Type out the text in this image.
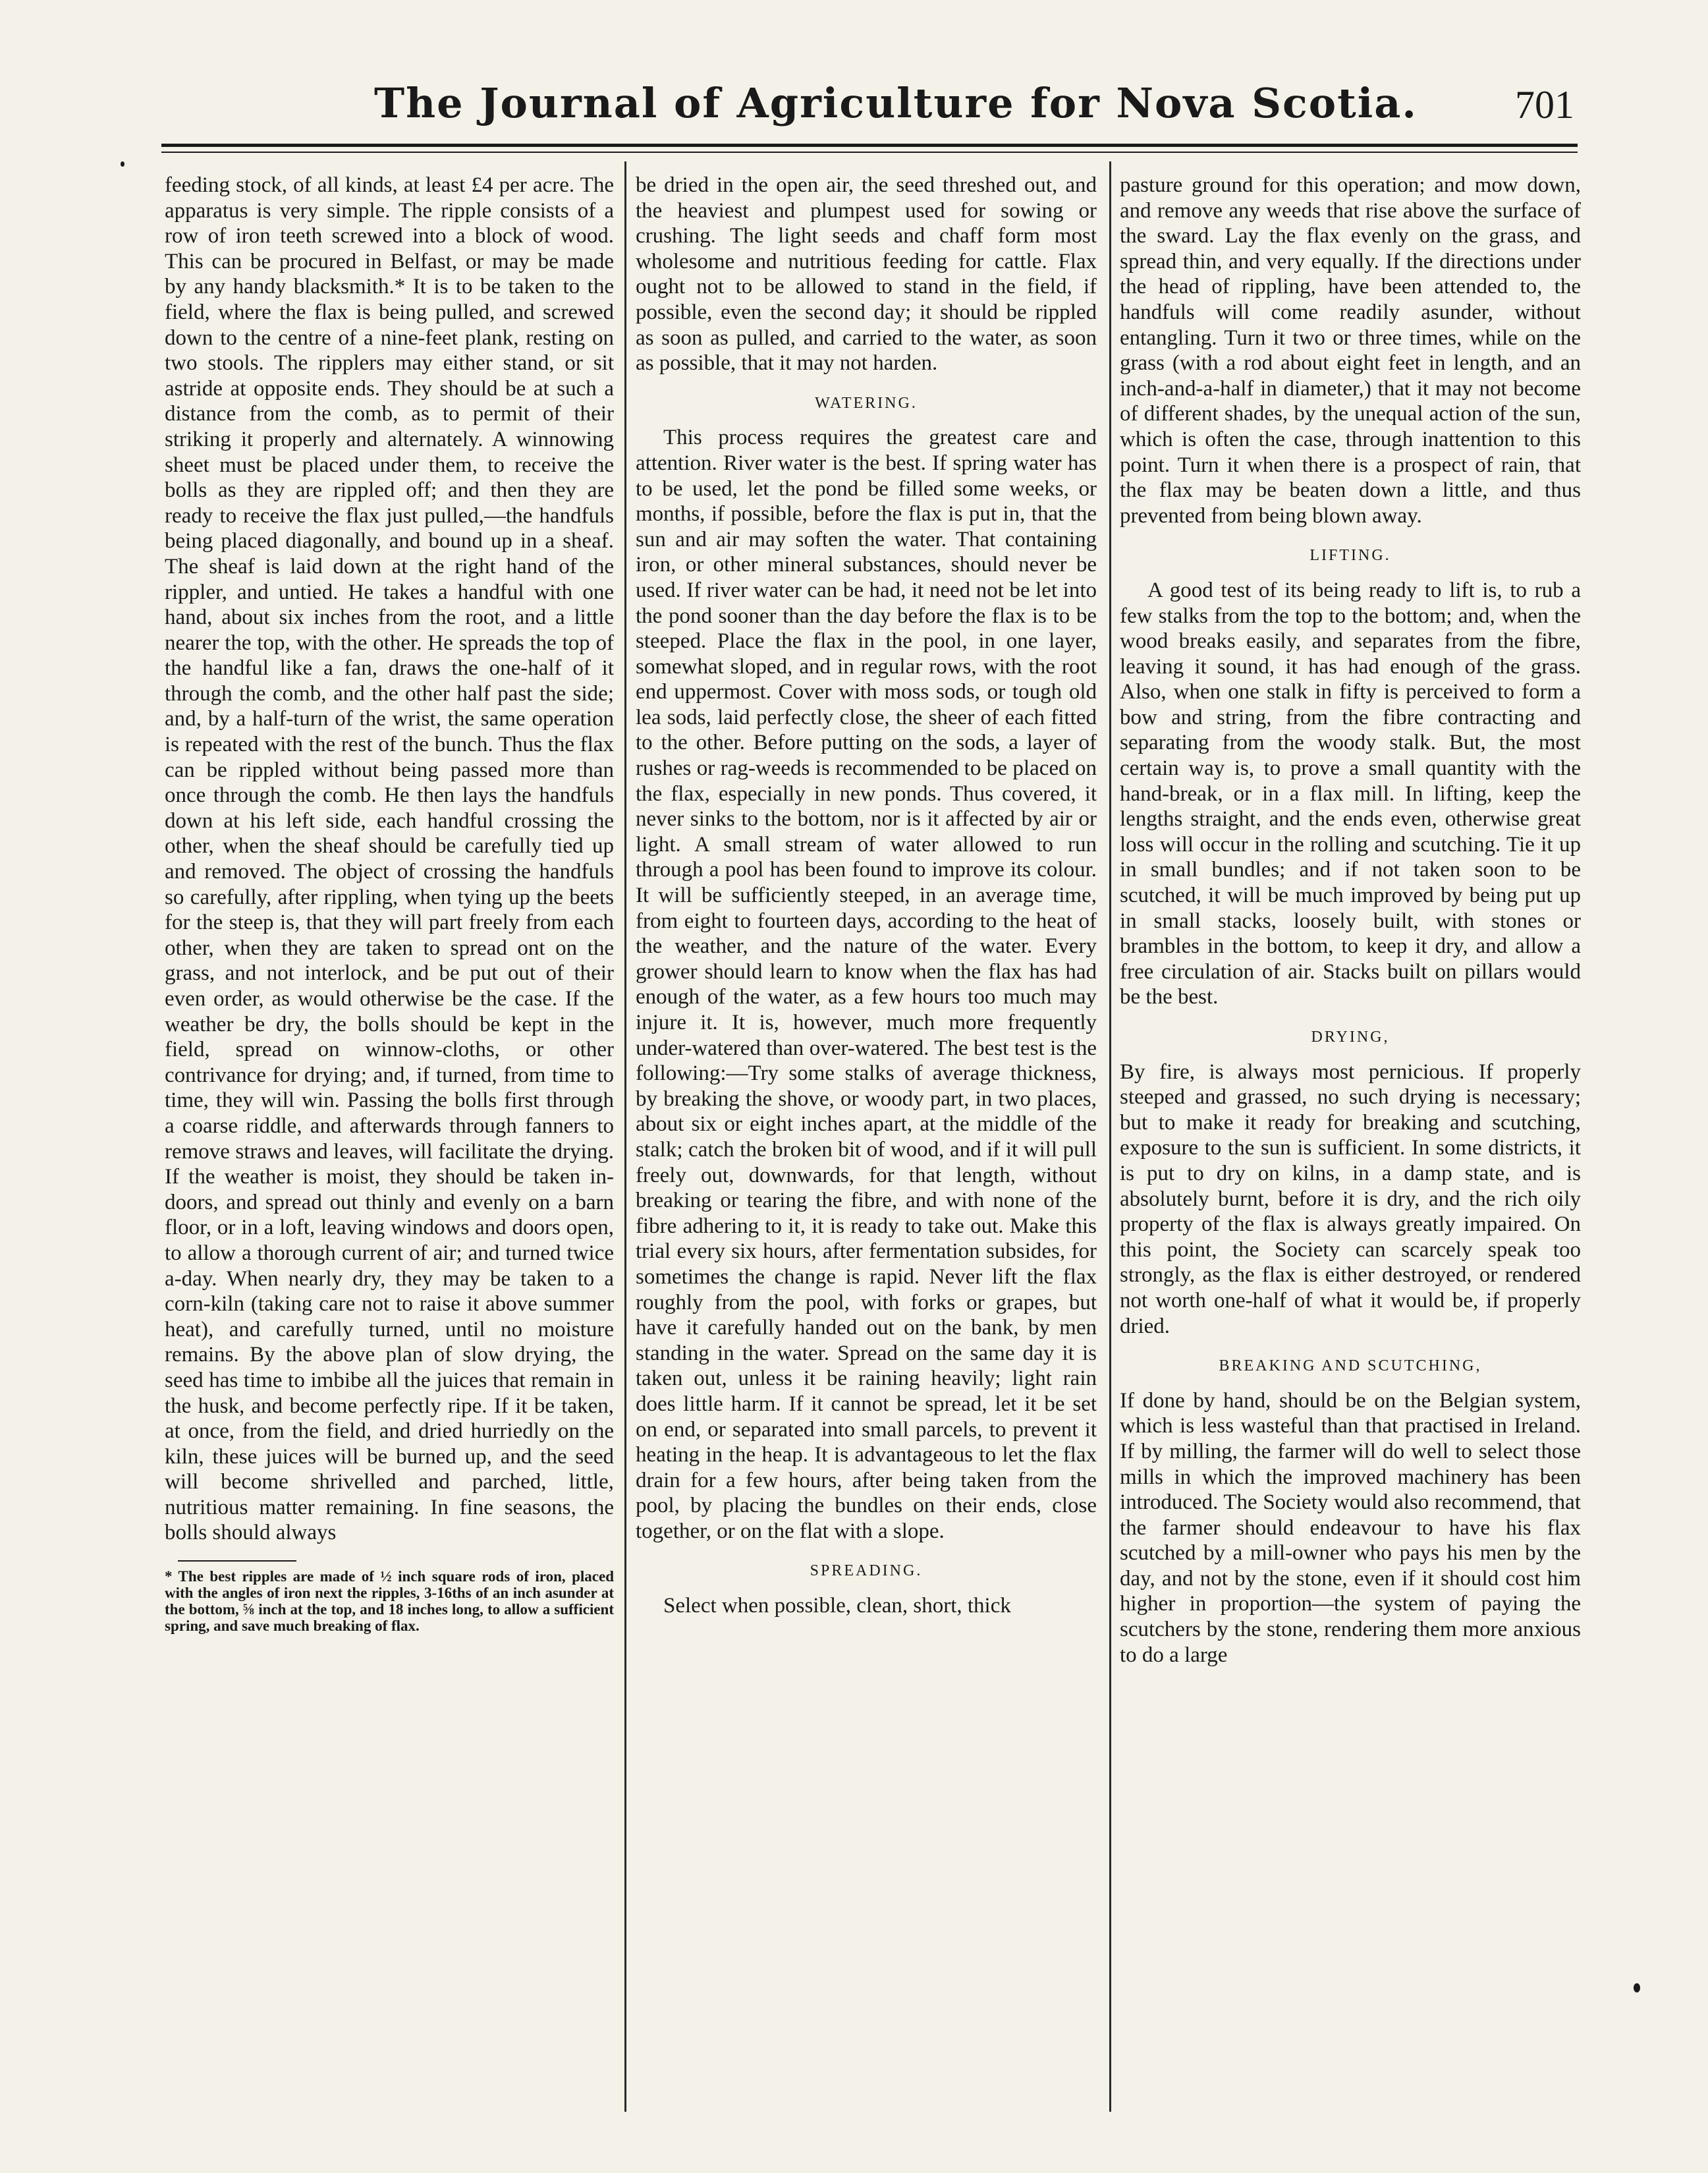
The Journal of Agriculture for Nova Scotia. 701

feeding stock, of all kinds, at least £4 per acre. The apparatus is very simple. The ripple consists of a row of iron teeth screwed into a block of wood. This can be procured in Belfast, or may be made by any handy blacksmith.* It is to be taken to the field, where the flax is being pulled, and screwed down to the centre of a nine-feet plank, resting on two stools. The ripplers may either stand, or sit astride at opposite ends. They should be at such a distance from the comb, as to permit of their striking it properly and alternately. A winnowing sheet must be placed under them, to receive the bolls as they are rippled off; and then they are ready to receive the flax just pulled,—the handfuls being placed diagonally, and bound up in a sheaf. The sheaf is laid down at the right hand of the rippler, and untied. He takes a handful with one hand, about six inches from the root, and a little nearer the top, with the other. He spreads the top of the handful like a fan, draws the one-half of it through the comb, and the other half past the side; and, by a half-turn of the wrist, the same operation is repeated with the rest of the bunch. Thus the flax can be rippled without being passed more than once through the comb. He then lays the handfuls down at his left side, each handful crossing the other, when the sheaf should be carefully tied up and removed. The object of crossing the handfuls so carefully, after rippling, when tying up the beets for the steep is, that they will part freely from each other, when they are taken to spread ont on the grass, and not interlock, and be put out of their even order, as would otherwise be the case. If the weather be dry, the bolls should be kept in the field, spread on winnow-cloths, or other contrivance for drying; and, if turned, from time to time, they will win. Passing the bolls first through a coarse riddle, and afterwards through fanners to remove straws and leaves, will facilitate the drying. If the weather is moist, they should be taken in-doors, and spread out thinly and evenly on a barn floor, or in a loft, leaving windows and doors open, to allow a thorough current of air; and turned twice a-day. When nearly dry, they may be taken to a corn-kiln (taking care not to raise it above summer heat), and carefully turned, until no moisture remains. By the above plan of slow drying, the seed has time to imbibe all the juices that remain in the husk, and become perfectly ripe. If it be taken, at once, from the field, and dried hurriedly on the kiln, these juices will be burned up, and the seed will become shrivelled and parched, little, nutritious matter remaining. In fine seasons, the bolls should always

* The best ripples are made of ½ inch square rods of iron, placed with the angles of iron next the ripples, 3-16ths of an inch asunder at the bottom, ⅝ inch at the top, and 18 inches long, to allow a sufficient spring, and save much breaking of flax.

be dried in the open air, the seed threshed out, and the heaviest and plumpest used for sowing or crushing. The light seeds and chaff form most wholesome and nutritious feeding for cattle. Flax ought not to be allowed to stand in the field, if possible, even the second day; it should be rippled as soon as pulled, and carried to the water, as soon as possible, that it may not harden.

WATERING.

This process requires the greatest care and attention. River water is the best. If spring water has to be used, let the pond be filled some weeks, or months, if possible, before the flax is put in, that the sun and air may soften the water. That containing iron, or other mineral substances, should never be used. If river water can be had, it need not be let into the pond sooner than the day before the flax is to be steeped. Place the flax in the pool, in one layer, somewhat sloped, and in regular rows, with the root end uppermost. Cover with moss sods, or tough old lea sods, laid perfectly close, the sheer of each fitted to the other. Before putting on the sods, a layer of rushes or rag-weeds is recommended to be placed on the flax, especially in new ponds. Thus covered, it never sinks to the bottom, nor is it affected by air or light. A small stream of water allowed to run through a pool has been found to improve its colour. It will be sufficiently steeped, in an average time, from eight to fourteen days, according to the heat of the weather, and the nature of the water. Every grower should learn to know when the flax has had enough of the water, as a few hours too much may injure it. It is, however, much more frequently under-watered than over-watered. The best test is the following:—Try some stalks of average thickness, by breaking the shove, or woody part, in two places, about six or eight inches apart, at the middle of the stalk; catch the broken bit of wood, and if it will pull freely out, downwards, for that length, without breaking or tearing the fibre, and with none of the fibre adhering to it, it is ready to take out. Make this trial every six hours, after fermentation subsides, for sometimes the change is rapid. Never lift the flax roughly from the pool, with forks or grapes, but have it carefully handed out on the bank, by men standing in the water. Spread on the same day it is taken out, unless it be raining heavily; light rain does little harm. If it cannot be spread, let it be set on end, or separated into small parcels, to prevent it heating in the heap. It is advantageous to let the flax drain for a few hours, after being taken from the pool, by placing the bundles on their ends, close together, or on the flat with a slope.

SPREADING.

Select when possible, clean, short, thick

pasture ground for this operation; and mow down, and remove any weeds that rise above the surface of the sward. Lay the flax evenly on the grass, and spread thin, and very equally. If the directions under the head of rippling, have been attended to, the handfuls will come readily asunder, without entangling. Turn it two or three times, while on the grass (with a rod about eight feet in length, and an inch-and-a-half in diameter,) that it may not become of different shades, by the unequal action of the sun, which is often the case, through inattention to this point. Turn it when there is a prospect of rain, that the flax may be beaten down a little, and thus prevented from being blown away.

LIFTING.

A good test of its being ready to lift is, to rub a few stalks from the top to the bottom; and, when the wood breaks easily, and separates from the fibre, leaving it sound, it has had enough of the grass. Also, when one stalk in fifty is perceived to form a bow and string, from the fibre contracting and separating from the woody stalk. But, the most certain way is, to prove a small quantity with the hand-break, or in a flax mill. In lifting, keep the lengths straight, and the ends even, otherwise great loss will occur in the rolling and scutching. Tie it up in small bundles; and if not taken soon to be scutched, it will be much improved by being put up in small stacks, loosely built, with stones or brambles in the bottom, to keep it dry, and allow a free circulation of air. Stacks built on pillars would be the best.

DRYING,

By fire, is always most pernicious. If properly steeped and grassed, no such drying is necessary; but to make it ready for breaking and scutching, exposure to the sun is sufficient. In some districts, it is put to dry on kilns, in a damp state, and is absolutely burnt, before it is dry, and the rich oily property of the flax is always greatly impaired. On this point, the Society can scarcely speak too strongly, as the flax is either destroyed, or rendered not worth one-half of what it would be, if properly dried.

BREAKING AND SCUTCHING,

If done by hand, should be on the Belgian system, which is less wasteful than that practised in Ireland. If by milling, the farmer will do well to select those mills in which the improved machinery has been introduced. The Society would also recommend, that the farmer should endeavour to have his flax scutched by a mill-owner who pays his men by the day, and not by the stone, even if it should cost him higher in proportion—the system of paying the scutchers by the stone, rendering them more anxious to do a large
